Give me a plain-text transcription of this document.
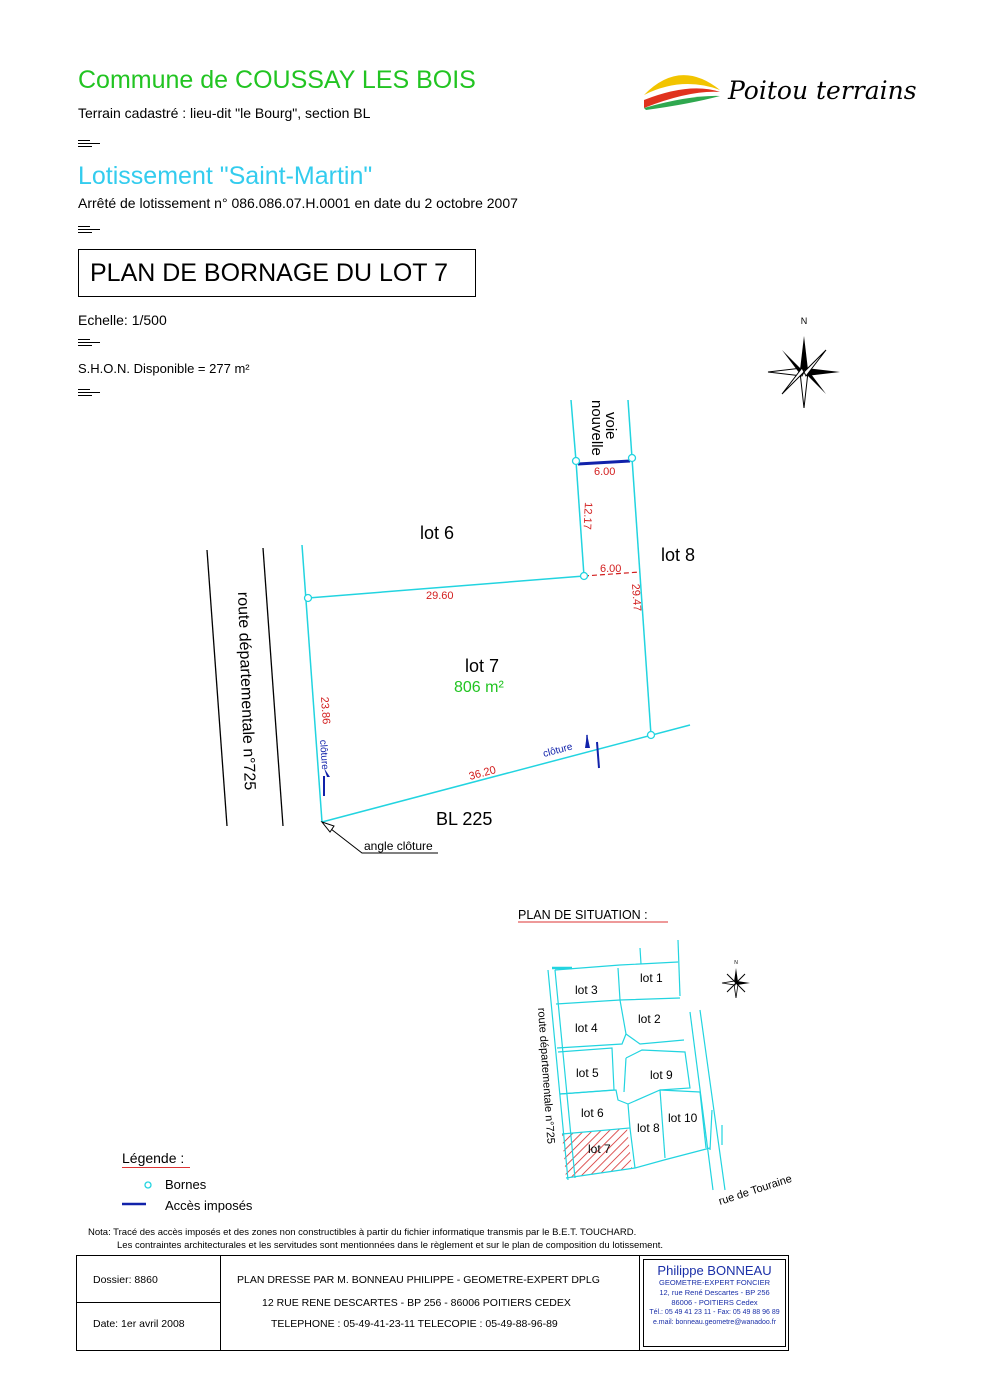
Commune de COUSSAY LES BOIS
Terrain cadastré : lieu-dit "le Bourg", section BL
Lotissement "Saint-Martin"
Arrêté de lotissement n° 086.086.07.H.0001 en date du 2 octobre 2007
PLAN DE BORNAGE DU LOT 7
Echelle: 1/500
S.H.O.N. Disponible = 277 m²
Poitou terrains
N
route départementale n°725
voie
nouvelle
6.00
12.17
6.00
29.60	29.47
23.86
36.20
clôture	clôture
lot 6
lot 8
lot 7
806 m²
BL 225
angle clôture
PLAN DE SITUATION :
lot 1
lot 2
lot 3
lot 4
lot 5
lot 6
lot 7
lot 8
lot 9
lot 10
route départementale n°725
rue de Touraine
N
Légende :
Bornes
Accès imposés
Nota: Tracé des accès imposés et des zones non constructibles à partir du fichier informatique transmis par le B.E.T. TOUCHARD.
Les contraintes architecturales et les servitudes sont mentionnées dans le règlement et sur le plan de composition du lotissement.
Dossier: 8860
Date: 1er avril 2008
PLAN DRESSE PAR M. BONNEAU PHILIPPE - GEOMETRE-EXPERT DPLG
12 RUE RENE DESCARTES - BP 256 - 86006 POITIERS CEDEX
TELEPHONE : 05-49-41-23-11 TELECOPIE : 05-49-88-96-89
Philippe BONNEAU
GEOMETRE-EXPERT FONCIER
12, rue René Descartes - BP 256
86006 - POITIERS Cedex
Tél.: 05 49 41 23 11 - Fax: 05 49 88 96 89
e.mail: bonneau.geometre@wanadoo.fr
